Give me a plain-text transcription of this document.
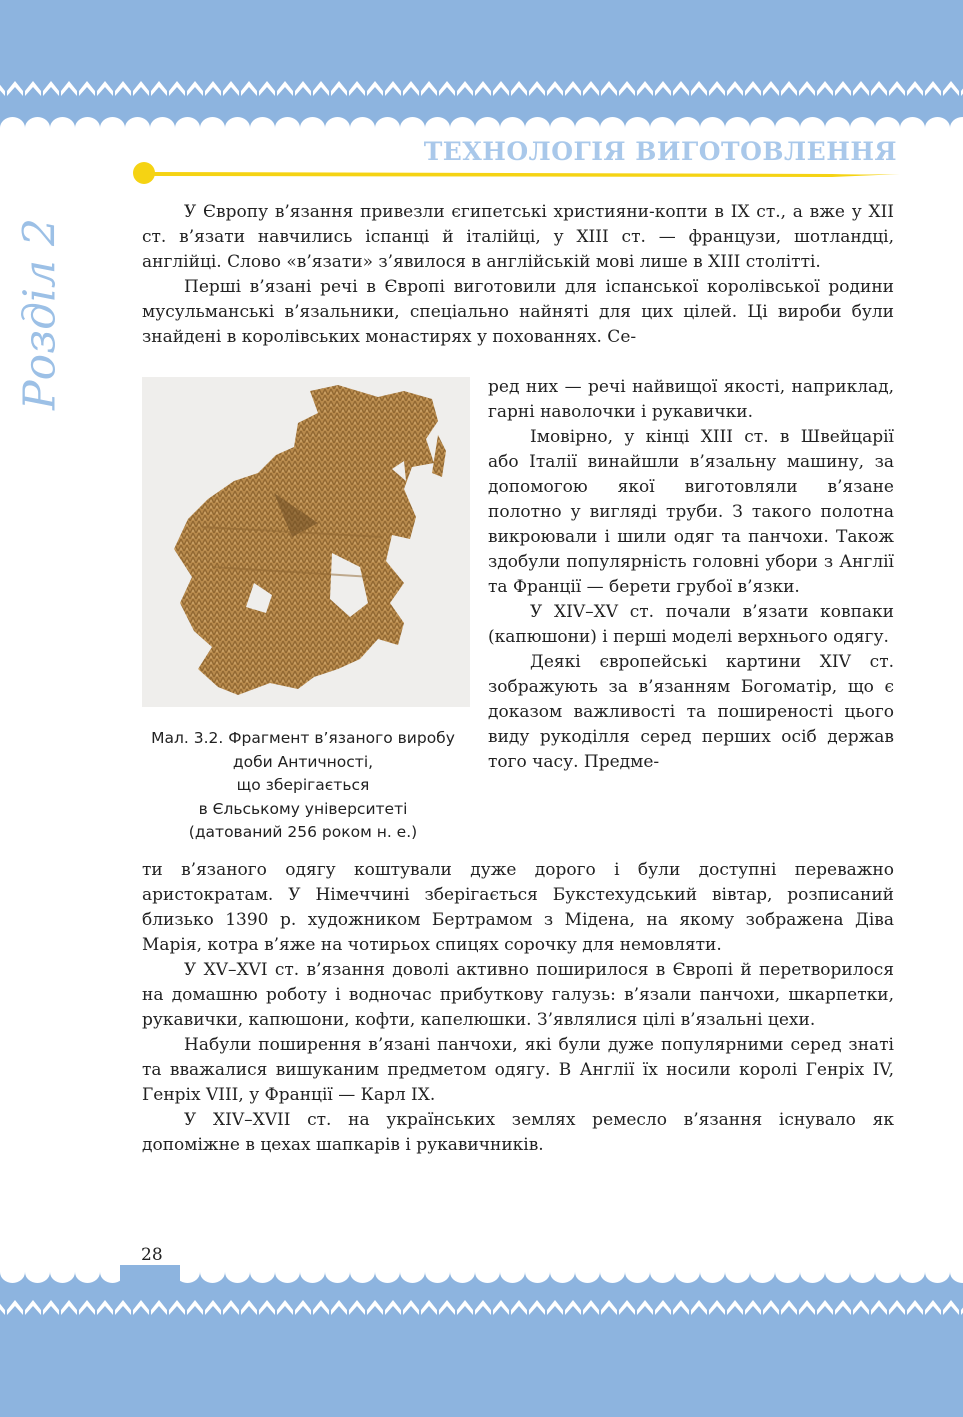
ТЕХНОЛОГІЯ ВИГОТОВЛЕННЯ
Розділ 2

У Європу в’язання привезли єгипетські християни-копти в IX ст., а вже у XII ст. в’язати навчились іспанці й італійці, у XIII ст. — французи, шотландці, англійці. Слово «в’язати» з’явилося в англійській мові лише в XIII столітті.

Перші в’язані речі в Європі виготовили для іспанської королівської родини мусульманські в’язальники, спеціально найняті для цих цілей. Ці вироби були знайдені в королівських монастирях у похованнях. Се-

Мал. 3.2. Фрагмент в’язаного виробу
доби Античності,
що зберігається
в Єльському університеті
(датований 256 роком н. е.)

ред них — речі найвищої якості, наприклад, гарні наволочки і рукавички.

Імовірно, у кінці XIII ст. в Швейцарії або Італії винайшли в’язальну машину, за допомогою якої виготовляли в’язане полотно у вигляді труби. З такого полотна викроювали і шили одяг та панчохи. Також здобули популярність головні убори з Англії та Франції — берети грубої в’язки.

У XIV–XV ст. почали в’язати ковпаки (капюшони) і перші моделі верхнього одягу.

Деякі європейські картини XIV ст. зображують за в’язанням Богоматір, що є доказом важливості та поширеності цього виду рукоділля серед перших осіб держав того часу. Предме-

ти в’язаного одягу коштували дуже дорого і були доступні переважно аристократам. У Німеччині зберігається Букстехудський вівтар, розписаний близько 1390 р. художником Бертрамом з Мідена, на якому зображена Діва Марія, котра в’яже на чотирьох спицях сорочку для немовляти.

У XV–XVI ст. в’язання доволі активно поширилося в Європі й перетворилося на домашню роботу і водночас прибуткову галузь: в’язали панчохи, шкарпетки, рукавички, капюшони, кофти, капелюшки. З’являлися цілі в’язальні цехи.

Набули поширення в’язані панчохи, які були дуже популярними серед знаті та вважалися вишуканим предметом одягу. В Англії їх носили королі Генріх IV, Генріх VIII, у Франції — Карл IX.

У XIV–XVII ст. на українських землях ремесло в’язання існувало як допоміжне в цехах шапкарів і рукавичників.

28
